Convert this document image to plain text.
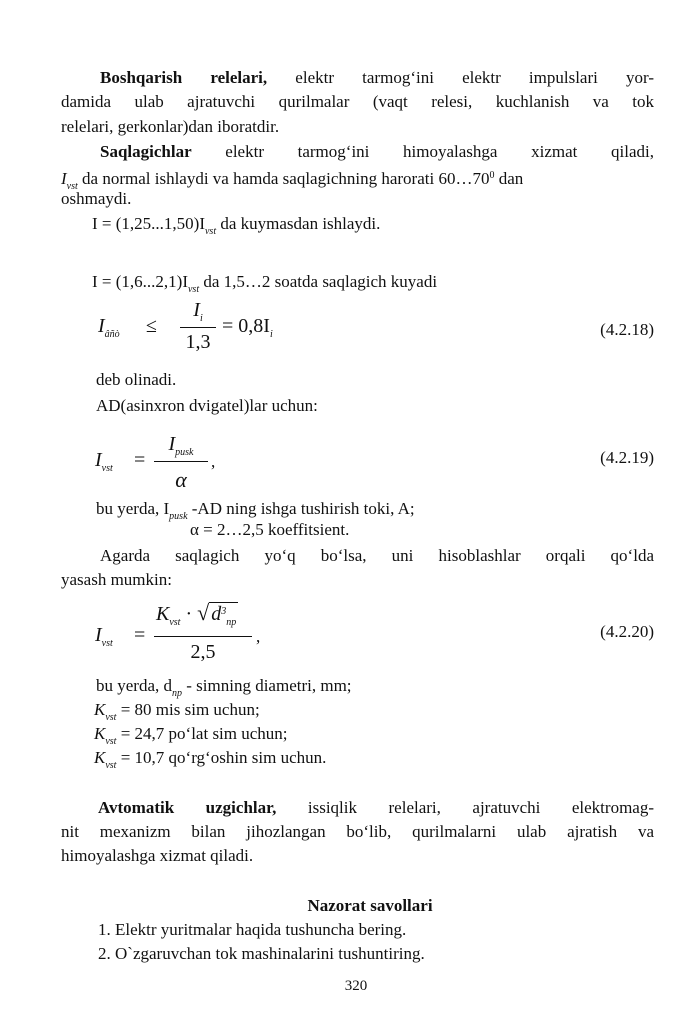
Boshqarish relelari, elektr tarmog‘ini elektr impulslari yor-
damida ulab ajratuvchi qurilmalar (vaqt relesi, kuchlanish va tok
relelari, gerkonlar)dan iboratdir.
Saqlagichlar elektr tarmog‘ini himoyalashga xizmat qiladi,
$I_{vst}$ da normal ishlaydi va hamda saqlagichning harorati $60\dots 70^0$ dan
oshmaydi.
$I = (1,25...1,50)I_{vst}$ da kuymasdan ishlaydi.
$I = (1,6...2,1)I_{vst}$ da 1,5…2 soatda saqlagich kuyadi
$I_{âñò}$ ≤
$I_i$
1,3
= $0,8I_i$	(4.2.18)
deb olinadi.
AD(asinxron dvigatel)lar uchun:
$I_{vst}$ =
$I_{pusk}$
α
,	(4.2.19)
bu yerda, $I_{pusk}$ -AD ning ishga tushirish toki, A;
α = 2…2,5 koeffitsient.
Agarda saqlagich yo‘q bo‘lsa, uni hisoblashlar orqali qo‘lda
yasash mumkin:
$I_{vst}$ =
$K_{vst}$ · √ $d^3_{np}$
2,5
,	(4.2.20)
bu yerda, $d_{np}$ - simning diametri, mm;
$K_{vst} = 80$ mis sim uchun;
$K_{vst} = 24,7$ po‘lat sim uchun;
$K_{vst} = 10,7$ qo‘rg‘oshin sim uchun.
Avtomatik uzgichlar, issiqlik relelari, ajratuvchi elektromag-
nit mexanizm bilan jihozlangan bo‘lib, qurilmalarni ulab ajratish va
himoyalashga xizmat qiladi.
Nazorat savollari
1. Elektr yuritmalar haqida tushuncha bering.
2. O`zgaruvchan tok mashinalarini tushuntiring.
320
